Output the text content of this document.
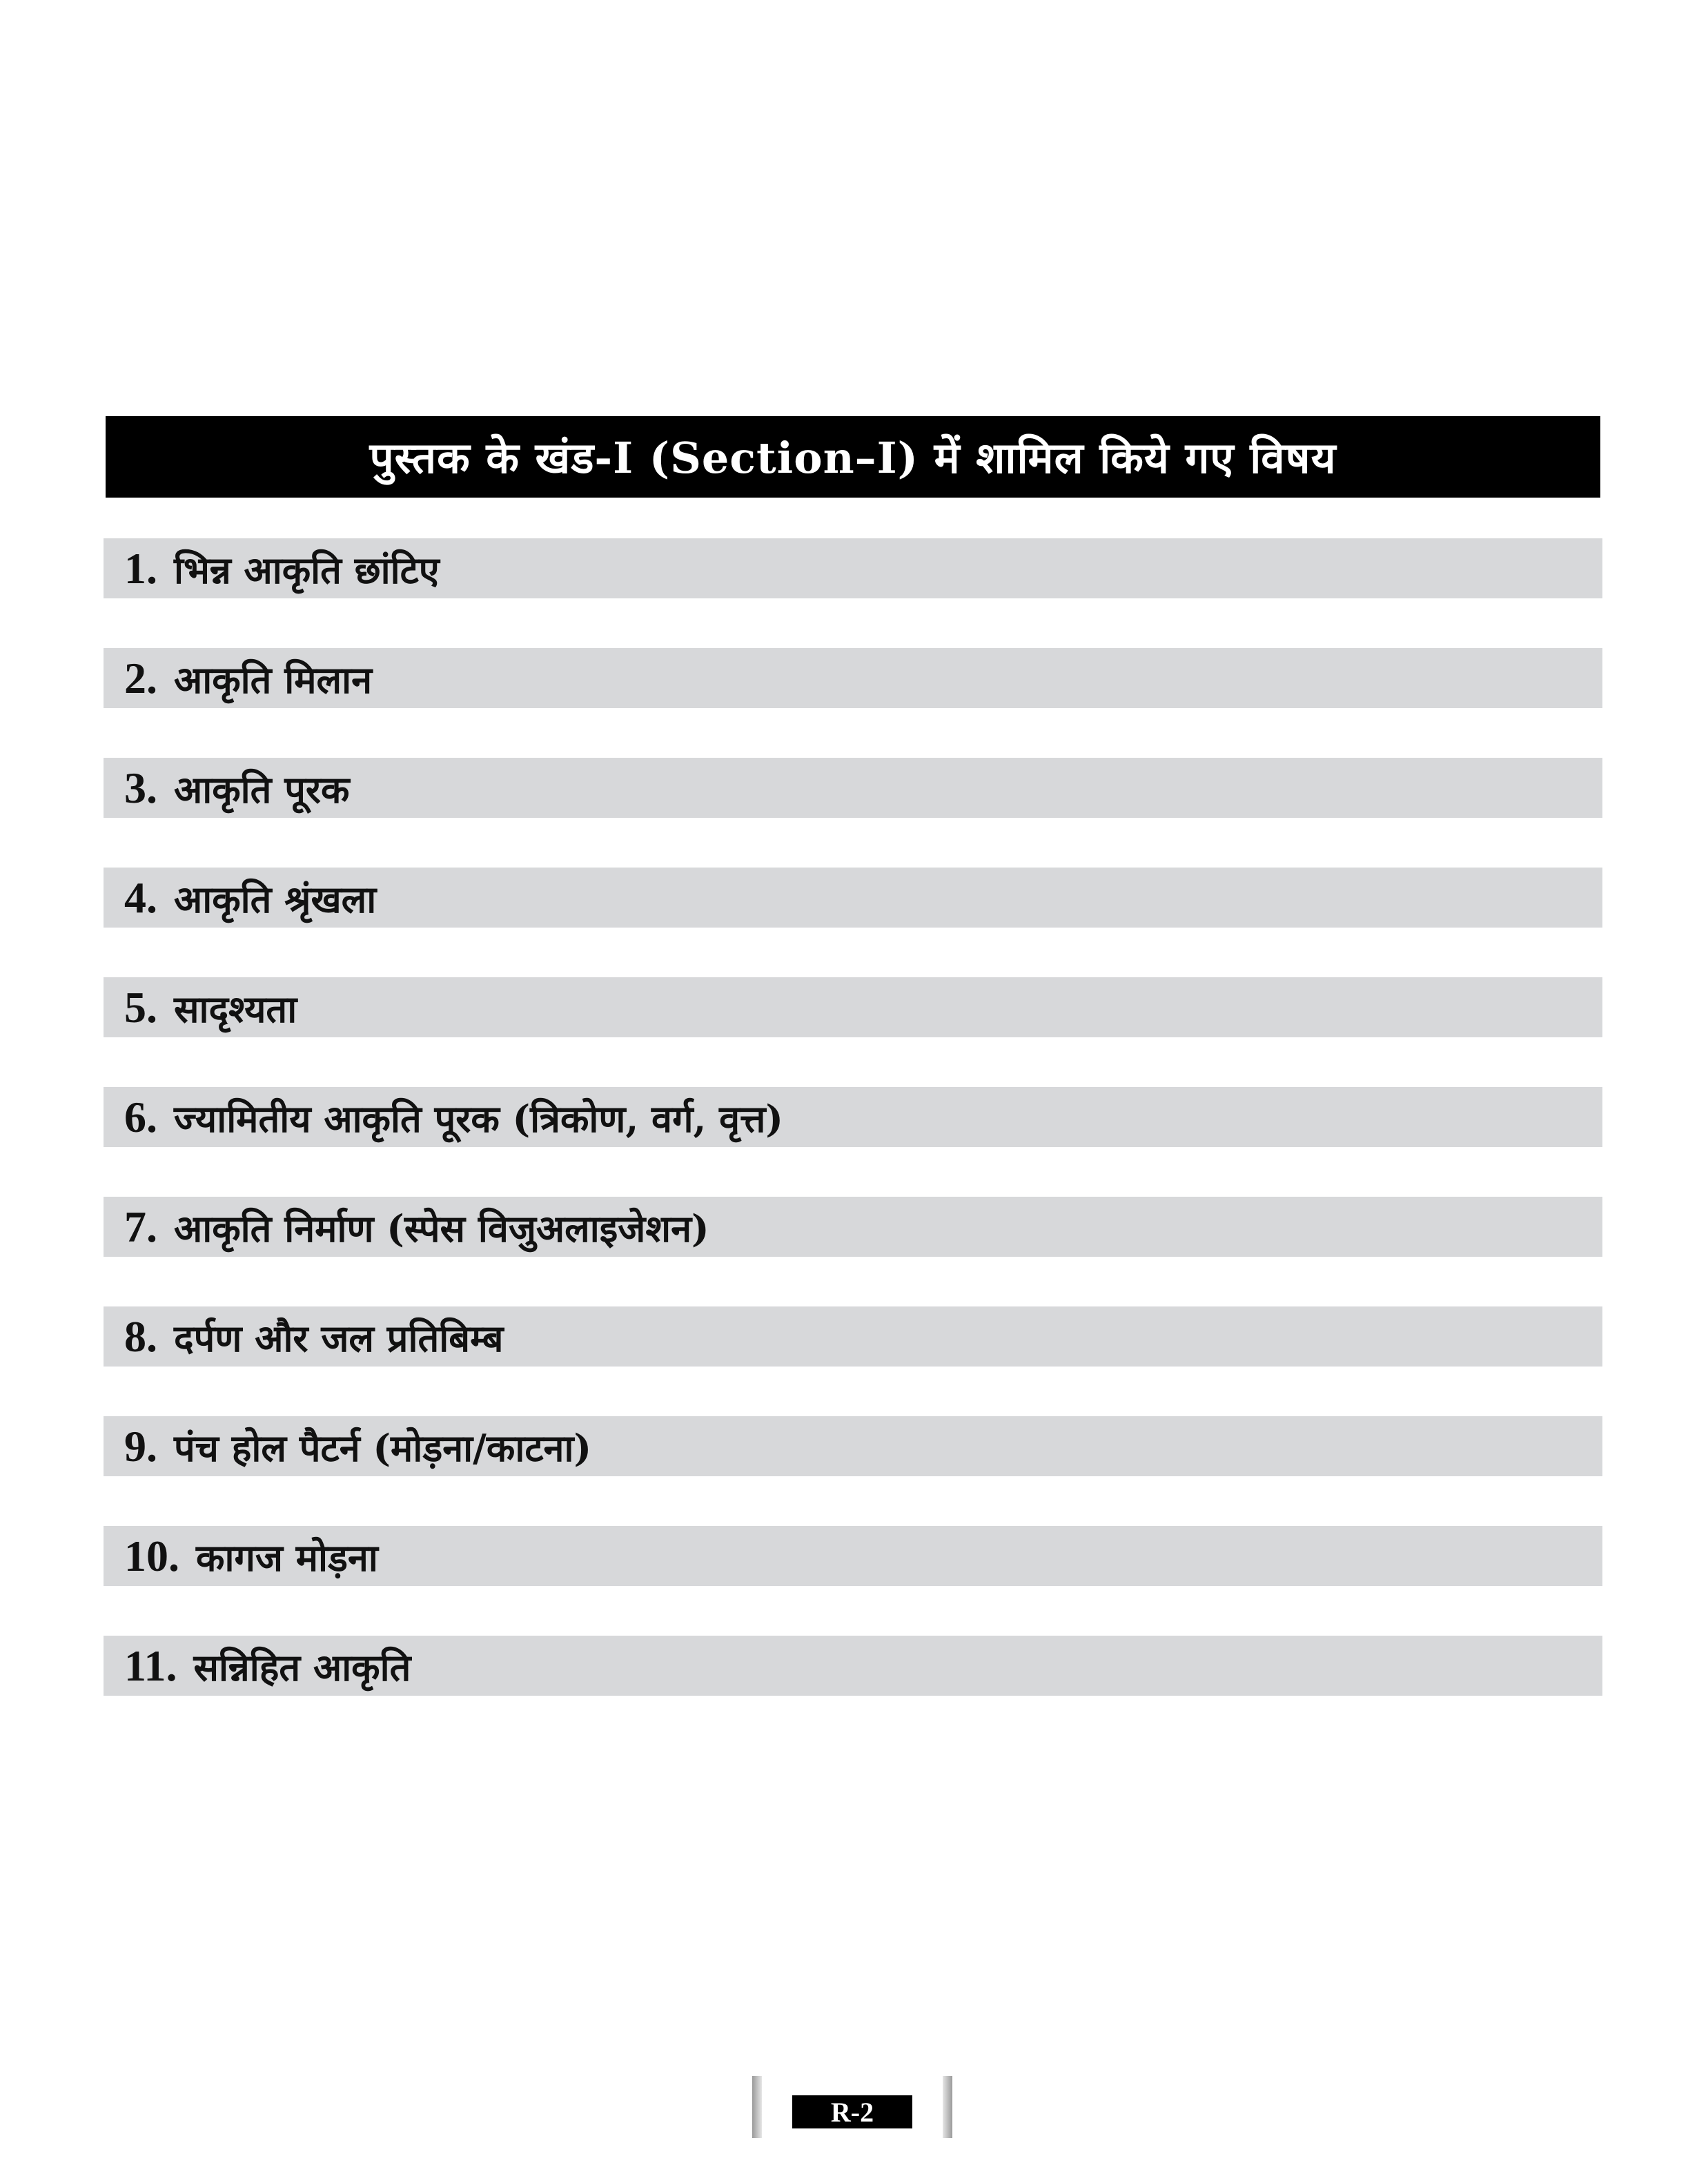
पुस्तक के खंड-I (Section–I) में शामिल किये गए विषय
1. भिन्न आकृति छांटिए
2. आकृति मिलान
3. आकृति पूरक
4. आकृति श्रृंखला
5. सादृश्यता
6. ज्यामितीय आकृति पूरक (त्रिकोण, वर्ग, वृत्त)
7. आकृति निर्माण (स्पेस विजुअलाइजेशन)
8. दर्पण और जल प्रतिबिम्ब
9. पंच होल पैटर्न (मोड़ना/काटना)
10. कागज मोड़ना
11. सन्निहित आकृति
R-2
